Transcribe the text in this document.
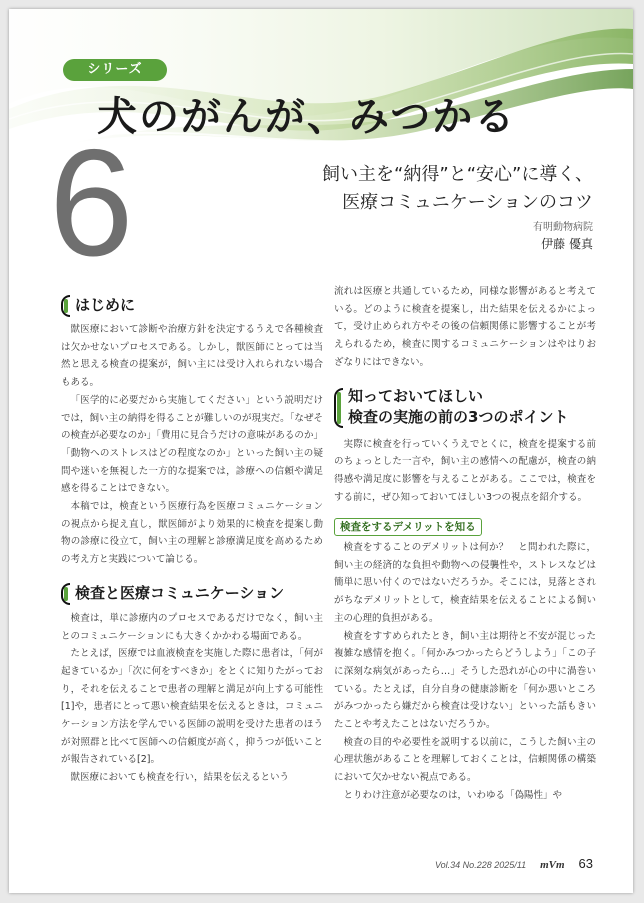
シリーズ
犬のがんが、みつかる
6	飼い主を“納得”と“安心”に導く、
医療コミュニケーションのコツ
有明動物病院
伊藤 優真
はじめに

獣医療において診断や治療方針を決定するうえで各種検査は欠かせないプロセスである。しかし，獣医師にとっては当然と思える検査の提案が，飼い主には受け入れられない場合もある。

「医学的に必要だから実施してください」という説明だけでは，飼い主の納得を得ることが難しいのが現実だ。「なぜその検査が必要なのか」「費用に見合うだけの意味があるのか」「動物へのストレスはどの程度なのか」といった飼い主の疑問や迷いを無視した一方的な提案では，診療への信頼や満足感を得ることはできない。

本稿では，検査という医療行為を医療コミュニケーションの視点から捉え直し，獣医師がより効果的に検査を提案し動物の診療に役立て，飼い主の理解と診療満足度を高めるための考え方と実践について論じる。

検査と医療コミュニケーション

検査は，単に診療内のプロセスであるだけでなく，飼い主とのコミュニケーションにも大きくかかわる場面である。

たとえば，医療では血液検査を実施した際に患者は，「何が起きているか」「次に何をすべきか」をとくに知りたがっており，それを伝えることで患者の理解と満足が向上する可能性[1]や，患者にとって悪い検査結果を伝えるときは，コミュニケーション方法を学んでいる医師の説明を受けた患者のほうが対照群と比べて医師への信頼度が高く，抑うつが低いことが報告されている[2]。

獣医療においても検査を行い，結果を伝えるという

流れは医療と共通しているため，同様な影響があると考えている。どのように検査を提案し，出た結果を伝えるかによって，受け止められ方やその後の信頼関係に影響することが考えられるため，検査に関するコミュニケーションはやはりおざなりにはできない。

知っておいてほしい
検査の実施の前の3つのポイント

実際に検査を行っていくうえでとくに，検査を提案する前のちょっとした一言や，飼い主の感情への配慮が，検査の納得感や満足度に影響を与えることがある。ここでは，検査をする前に，ぜひ知っておいてほしい3つの視点を紹介する。

検査をするデメリットを知る

検査をすることのデメリットは何か？　と問われた際に，飼い主の経済的な負担や動物への侵襲性や，ストレスなどは簡単に思い付くのではないだろうか。そこには，見落とされがちなデメリットとして，検査結果を伝えることによる飼い主の心理的負担がある。

検査をすすめられたとき，飼い主は期待と不安が混じった複雑な感情を抱く。「何かみつかったらどうしよう」「この子に深刻な病気があったら…」そうした恐れが心の中に渦巻いている。たとえば，自分自身の健康診断を「何か悪いところがみつかったら嫌だから検査は受けない」といった話もきいたことや考えたことはないだろうか。

検査の目的や必要性を説明する以前に，こうした飼い主の心理状態があることを理解しておくことは，信頼関係の構築において欠かせない視点である。

とりわけ注意が必要なのは，いわゆる「偽陽性」や

Vol.34 No.228 2025/11 mVm 63
